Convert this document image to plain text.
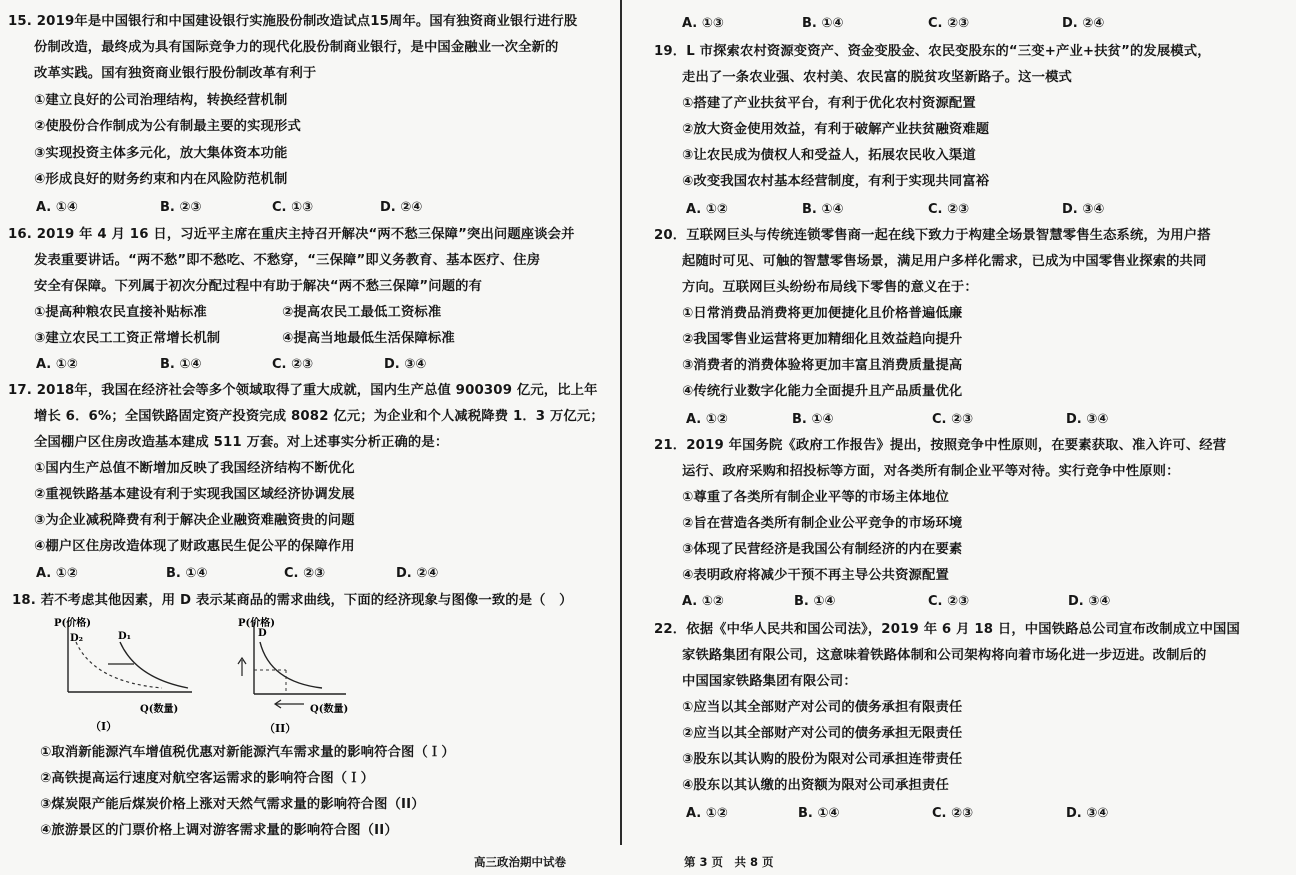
15. 2019年是中国银行和中国建设银行实施股份制改造试点15周年。国有独资商业银行进行股
份制改造，最终成为具有国际竞争力的现代化股份制商业银行，是中国金融业一次全新的
改革实践。国有独资商业银行股份制改革有利于
①建立良好的公司治理结构，转换经营机制
②使股份合作制成为公有制最主要的实现形式
③实现投资主体多元化，放大集体资本功能
④形成良好的财务约束和内在风险防范机制
A. ①④	B. ②③	C. ①③	D. ②④
16. 2019 年 4 月 16 日，习近平主席在重庆主持召开解决“两不愁三保障”突出问题座谈会并
发表重要讲话。“两不愁”即不愁吃、不愁穿，“三保障”即义务教育、基本医疗、住房
安全有保障。下列属于初次分配过程中有助于解决“两不愁三保障”问题的有
①提高种粮农民直接补贴标准	②提高农民工最低工资标准
③建立农民工工资正常增长机制	④提高当地最低生活保障标准
A. ①②	B. ①④	C. ②③	D. ③④
17. 2018年，我国在经济社会等多个领域取得了重大成就，国内生产总值 900309 亿元，比上年
增长 6．6%；全国铁路固定资产投资完成 8082 亿元；为企业和个人减税降费 1．3 万亿元；
全国棚户区住房改造基本建成 511 万套。对上述事实分析正确的是：
①国内生产总值不断增加反映了我国经济结构不断优化
②重视铁路基本建设有利于实现我国区域经济协调发展
③为企业减税降费有利于解决企业融资难融资贵的问题
④棚户区住房改造体现了财政惠民生促公平的保障作用
A. ①②	B. ①④	C. ②③	D. ②④
18. 若不考虑其他因素，用 D 表示某商品的需求曲线，下面的经济现象与图像一致的是（　）
P(价格)
Q(数量)
D₂	D₁
（I）
P(价格)
Q(数量)
D
（II）
①取消新能源汽车增值税优惠对新能源汽车需求量的影响符合图（Ｉ）
②高铁提高运行速度对航空客运需求的影响符合图（Ｉ）
③煤炭限产能后煤炭价格上涨对天然气需求量的影响符合图（II）
④旅游景区的门票价格上调对游客需求量的影响符合图（II）
高三政治期中试卷
A. ①③	B. ①④	C. ②③	D. ②④
19．L 市探索农村资源变资产、资金变股金、农民变股东的“三变+产业+扶贫”的发展模式，
走出了一条农业强、农村美、农民富的脱贫攻坚新路子。这一模式
①搭建了产业扶贫平台，有利于优化农村资源配置
②放大资金使用效益，有利于破解产业扶贫融资难题
③让农民成为债权人和受益人，拓展农民收入渠道
④改变我国农村基本经营制度，有利于实现共同富裕
A. ①②	B. ①④	C. ②③	D. ③④
20．互联网巨头与传统连锁零售商一起在线下致力于构建全场景智慧零售生态系统，为用户搭
起随时可见、可触的智慧零售场景，满足用户多样化需求，已成为中国零售业探索的共同
方向。互联网巨头纷纷布局线下零售的意义在于：
①日常消费品消费将更加便捷化且价格普遍低廉
②我国零售业运营将更加精细化且效益趋向提升
③消费者的消费体验将更加丰富且消费质量提高
④传统行业数字化能力全面提升且产品质量优化
A. ①②	B. ①④	C. ②③	D. ③④
21．2019 年国务院《政府工作报告》提出，按照竞争中性原则，在要素获取、准入许可、经营
运行、政府采购和招投标等方面，对各类所有制企业平等对待。实行竞争中性原则：
①尊重了各类所有制企业平等的市场主体地位
②旨在营造各类所有制企业公平竞争的市场环境
③体现了民营经济是我国公有制经济的内在要素
④表明政府将减少干预不再主导公共资源配置
A. ①②	B. ①④	C. ②③	D. ③④
22．依据《中华人民共和国公司法》，2019 年 6 月 18 日，中国铁路总公司宣布改制成立中国国
家铁路集团有限公司，这意味着铁路体制和公司架构将向着市场化进一步迈进。改制后的
中国国家铁路集团有限公司：
①应当以其全部财产对公司的债务承担有限责任
②应当以其全部财产对公司的债务承担无限责任
③股东以其认购的股份为限对公司承担连带责任
④股东以其认缴的出资额为限对公司承担责任
A. ①②	B. ①④	C. ②③	D. ③④
第 3 页　共 8 页
